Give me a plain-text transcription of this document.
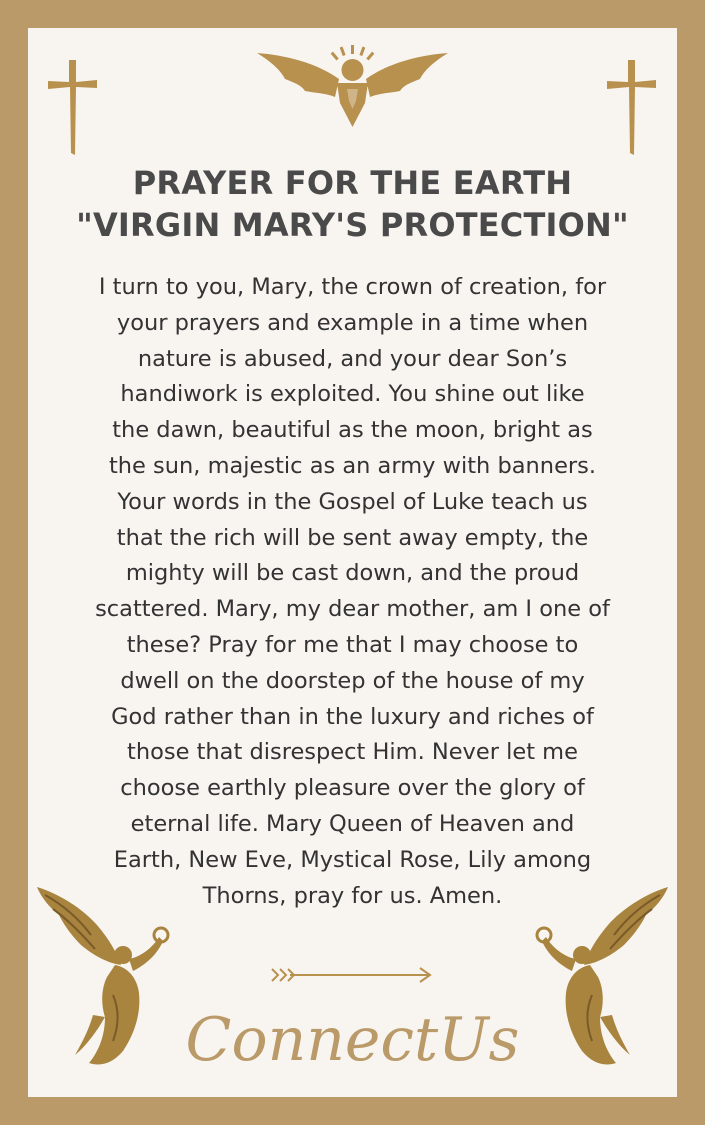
PRAYER FOR THE EARTH
"VIRGIN MARY'S PROTECTION"
I turn to you, Mary, the crown of creation, for
your prayers and example in a time when
nature is abused, and your dear Son’s
handiwork is exploited. You shine out like
the dawn, beautiful as the moon, bright as
the sun, majestic as an army with banners.
Your words in the Gospel of Luke teach us
that the rich will be sent away empty, the
mighty will be cast down, and the proud
scattered. Mary, my dear mother, am I one of
these? Pray for me that I may choose to
dwell on the doorstep of the house of my
God rather than in the luxury and riches of
those that disrespect Him. Never let me
choose earthly pleasure over the glory of
eternal life. Mary Queen of Heaven and
Earth, New Eve, Mystical Rose, Lily among
Thorns, pray for us. Amen.
ConnectUs
